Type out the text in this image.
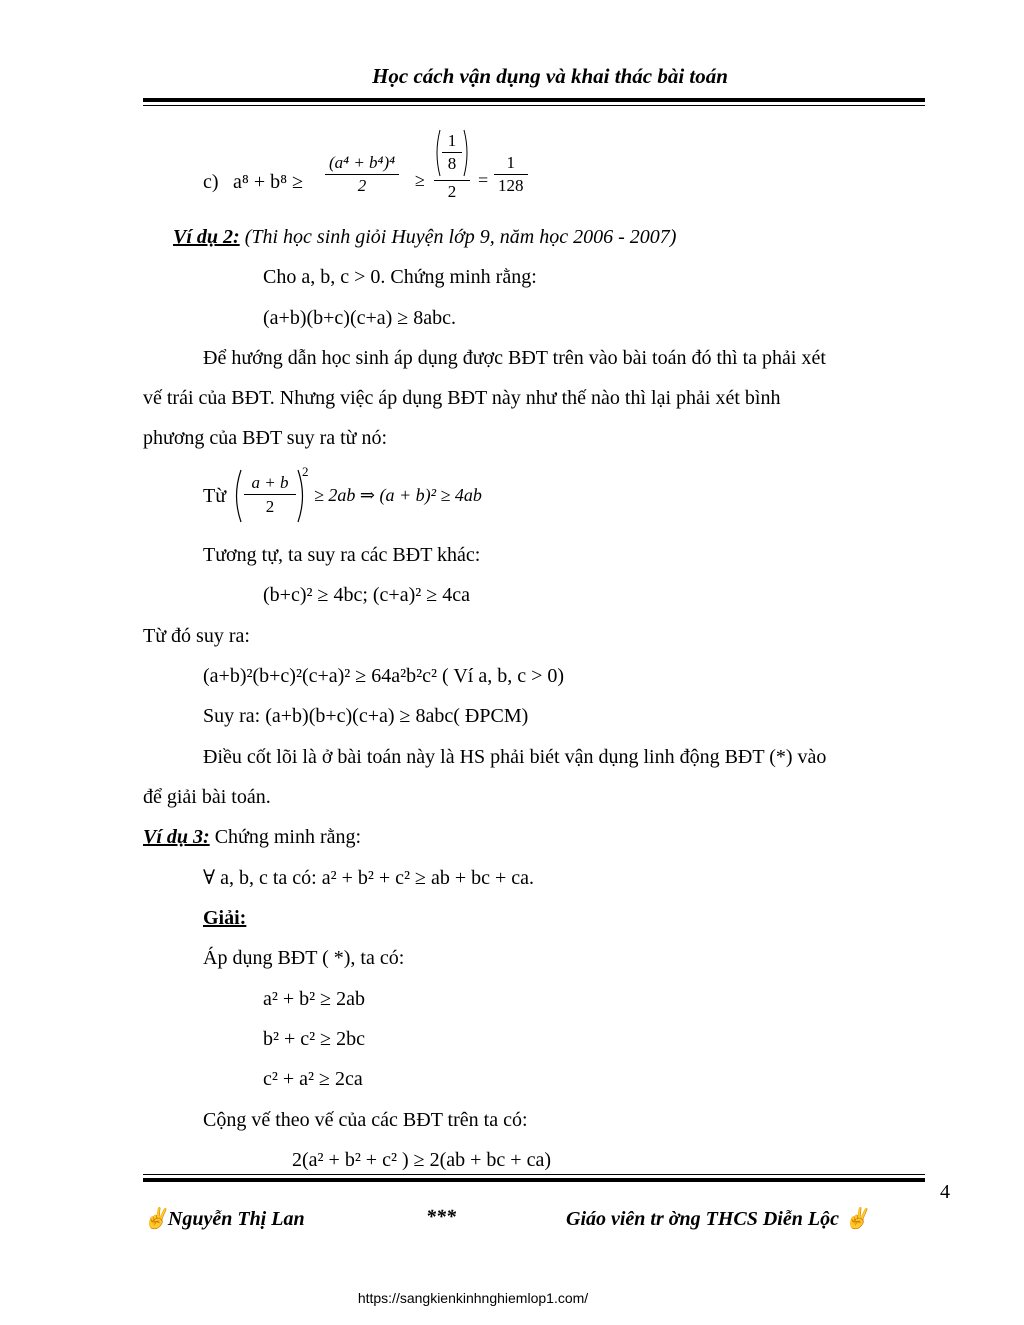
Học cách vận dụng và khai thác bài toán
c) $a^8 + b^8 \ge \frac{\text{(a⁴ + b⁴)⁴}}{2}$ ≥
$\frac{1}{8}$
2
= $\frac{1}{128}$
Ví dụ 2: (Thi học sinh giỏi Huyện lớp 9, năm học 2006 - 2007)
Cho a, b, c > 0. Chứng minh rằng:
(a+b)(b+c)(c+a) ≥ 8abc.
Để hướng dẫn học sinh áp dụng được BĐT trên vào bài toán đó thì ta phải xét
vế trái của BĐT. Nhưng việc áp dụng BĐT này như thế nào thì lại phải xét bình
phương của BĐT suy ra từ nó:
Từ $\frac{a + b}{2}$
2
≥ 2ab ⇒ (a + b)² ≥ 4ab
Tương tự, ta suy ra các BĐT khác:
(b+c)² ≥ 4bc; (c+a)² ≥ 4ca
Từ đó suy ra:
(a+b)²(b+c)²(c+a)² ≥ 64a²b²c² ( Ví a, b, c > 0)
Suy ra: (a+b)(b+c)(c+a) ≥ 8abc( ĐPCM)
Điều cốt lõi là ở bài toán này là HS phải biét vận dụng linh động BĐT (*) vào
để giải bài toán.
Ví dụ 3: Chứng minh rằng:
∀ a, b, c ta có: a² + b² + c² ≥ ab + bc + ca.
Giải:
Áp dụng BĐT ( *), ta có:
a² + b² ≥ 2ab
b² + c² ≥ 2bc
c² + a² ≥ 2ca
Cộng vế theo vế của các BĐT trên ta có:
2(a² + b² + c² ) ≥ 2(ab + bc + ca)
4
✌Nguyễn Thị Lan	***	Giáo viên tr ờng THCS Diễn Lộc ✌
https://sangkienkinhnghiemlop1.com/
